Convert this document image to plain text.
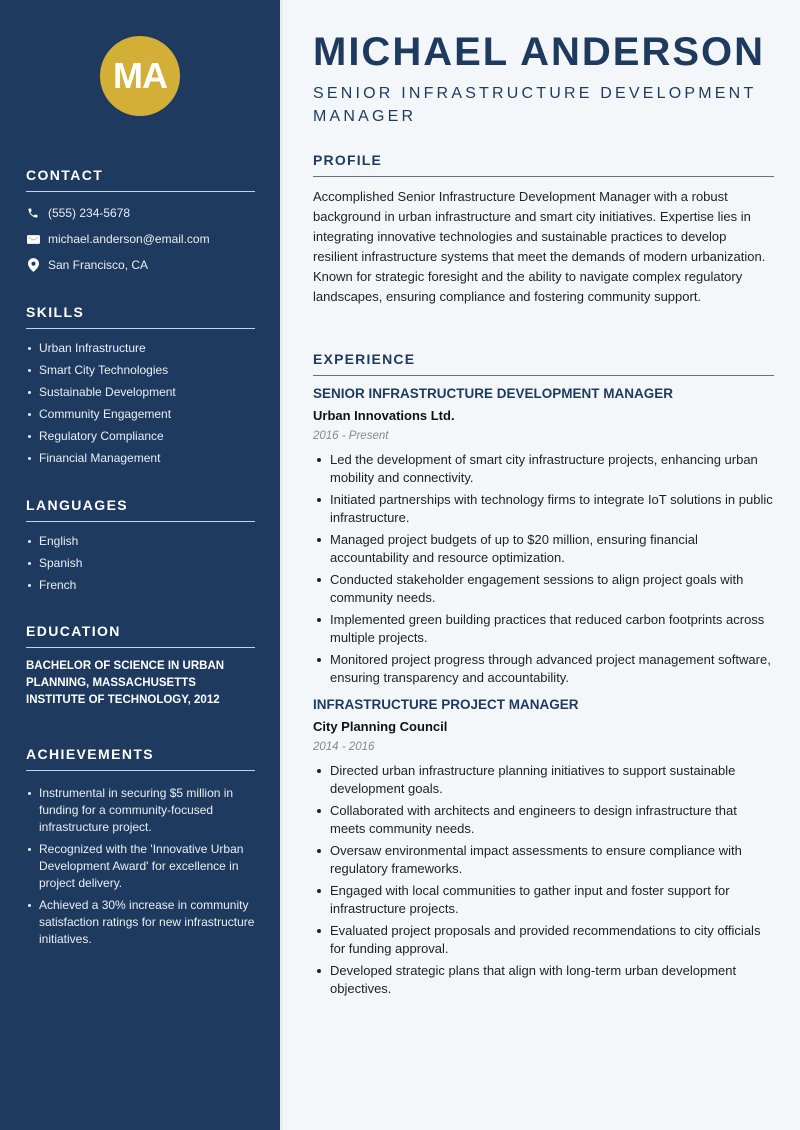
MA
CONTACT
(555) 234-5678
michael.anderson@email.com
San Francisco, CA
SKILLS
Urban Infrastructure
Smart City Technologies
Sustainable Development
Community Engagement
Regulatory Compliance
Financial Management
LANGUAGES
English
Spanish
French
EDUCATION

BACHELOR OF SCIENCE IN URBAN PLANNING, MASSACHUSETTS INSTITUTE OF TECHNOLOGY, 2012

ACHIEVEMENTS
Instrumental in securing $5 million in funding for a community-focused infrastructure project.
Recognized with the 'Innovative Urban Development Award' for excellence in project delivery.
Achieved a 30% increase in community satisfaction ratings for new infrastructure initiatives.
MICHAEL ANDERSON
SENIOR INFRASTRUCTURE DEVELOPMENT MANAGER
PROFILE

Accomplished Senior Infrastructure Development Manager with a robust background in urban infrastructure and smart city initiatives. Expertise lies in integrating innovative technologies and sustainable practices to develop resilient infrastructure systems that meet the demands of modern urbanization. Known for strategic foresight and the ability to navigate complex regulatory landscapes, ensuring compliance and fostering community support.

EXPERIENCE
SENIOR INFRASTRUCTURE DEVELOPMENT MANAGER
Urban Innovations Ltd.
2016 - Present
Led the development of smart city infrastructure projects, enhancing urban mobility and connectivity.
Initiated partnerships with technology firms to integrate IoT solutions in public infrastructure.
Managed project budgets of up to $20 million, ensuring financial accountability and resource optimization.
Conducted stakeholder engagement sessions to align project goals with community needs.
Implemented green building practices that reduced carbon footprints across multiple projects.
Monitored project progress through advanced project management software, ensuring transparency and accountability.
INFRASTRUCTURE PROJECT MANAGER
City Planning Council
2014 - 2016
Directed urban infrastructure planning initiatives to support sustainable development goals.
Collaborated with architects and engineers to design infrastructure that meets community needs.
Oversaw environmental impact assessments to ensure compliance with regulatory frameworks.
Engaged with local communities to gather input and foster support for infrastructure projects.
Evaluated project proposals and provided recommendations to city officials for funding approval.
Developed strategic plans that align with long-term urban development objectives.
